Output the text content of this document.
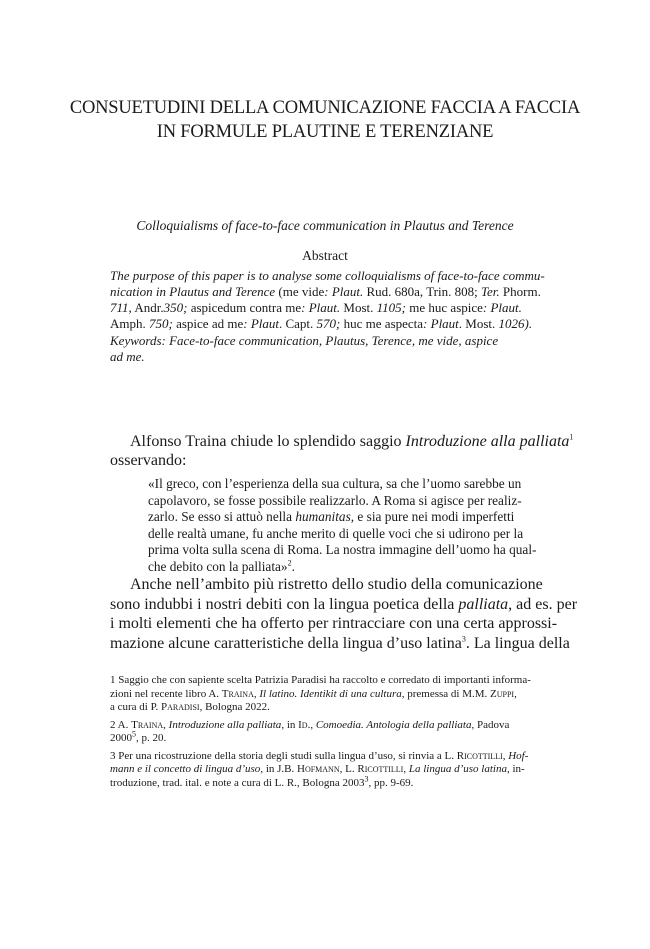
CONSUETUDINI DELLA COMUNICAZIONE FACCIA A FACCIA
IN FORMULE PLAUTINE E TERENZIANE
Colloquialisms of face-to-face communication in Plautus and Terence
Abstract
The purpose of this paper is to analyse some colloquialisms of face-to-face commu-
nication in Plautus and Terence (me vide: Plaut. Rud. 680a, Trin. 808; Ter. Phorm.
711, Andr.350; aspicedum contra me: Plaut. Most. 1105; me huc aspice: Plaut.
Amph. 750; aspice ad me: Plaut. Capt. 570; huc me aspecta: Plaut. Most. 1026).
Keywords: Face-to-face communication, Plautus, Terence, me vide, aspice
ad me.
Alfonso Traina chiude lo splendido saggio Introduzione alla palliata$^1$
osservando:
«Il greco, con l’esperienza della sua cultura, sa che l’uomo sarebbe un
capolavoro, se fosse possibile realizzarlo. A Roma si agisce per realiz-
zarlo. Se esso si attuò nella humanitas, e sia pure nei modi imperfetti
delle realtà umane, fu anche merito di quelle voci che si udirono per la
prima volta sulla scena di Roma. La nostra immagine dell’uomo ha qual-
che debito con la palliata»$^2$.
Anche nell’ambito più ristretto dello studio della comunicazione
sono indubbi i nostri debiti con la lingua poetica della palliata, ad es. per
i molti elementi che ha offerto per rintracciare con una certa approssi-
mazione alcune caratteristiche della lingua d’uso latina$^3$. La lingua della
1 Saggio che con sapiente scelta Patrizia Paradisi ha raccolto e corredato di importanti informa-
zioni nel recente libro A. Traina, Il latino. Identikit di una cultura, premessa di M.M. Zuppi,
a cura di P. Paradisi, Bologna 2022.
2 A. Traina, Introduzione alla palliata, in Id., Comoedia. Antologia della palliata, Padova
2000$^5$, p. 20.
3 Per una ricostruzione della storia degli studi sulla lingua d’uso, si rinvia a L. Ricottilli, Hof-
mann e il concetto di lingua d’uso, in J.B. Hofmann, L. Ricottilli, La lingua d’uso latina, in-
troduzione, trad. ital. e note a cura di L. R., Bologna 2003$^3$, pp. 9-69.
